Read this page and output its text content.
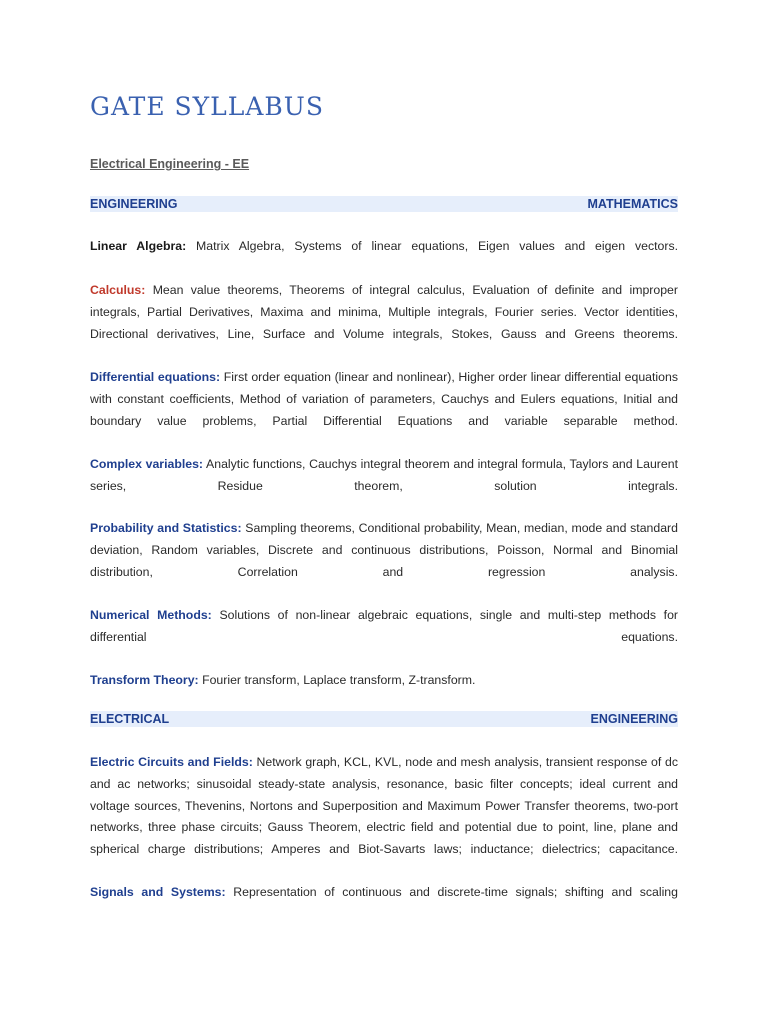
GATE SYLLABUS
Electrical Engineering - EE
ENGINEERING	MATHEMATICS
Linear Algebra: Matrix Algebra, Systems of linear equations, Eigen values and eigen vectors.
Calculus: Mean value theorems, Theorems of integral calculus, Evaluation of definite and improper integrals, Partial Derivatives, Maxima and minima, Multiple integrals, Fourier series. Vector identities, Directional derivatives, Line, Surface and Volume integrals, Stokes, Gauss and Greens theorems.
Differential equations: First order equation (linear and nonlinear), Higher order linear differential equations with constant coefficients, Method of variation of parameters, Cauchys and Eulers equations, Initial and boundary value problems, Partial Differential Equations and variable separable method.
Complex variables: Analytic functions, Cauchys integral theorem and integral formula, Taylors and Laurent series, Residue theorem, solution integrals.
Probability and Statistics: Sampling theorems, Conditional probability, Mean, median, mode and standard deviation, Random variables, Discrete and continuous distributions, Poisson, Normal and Binomial distribution, Correlation and regression analysis.
Numerical Methods: Solutions of non-linear algebraic equations, single and multi-step methods for differential equations.
Transform Theory: Fourier transform, Laplace transform, Z-transform.
ELECTRICAL	ENGINEERING
Electric Circuits and Fields: Network graph, KCL, KVL, node and mesh analysis, transient response of dc and ac networks; sinusoidal steady-state analysis, resonance, basic filter concepts; ideal current and voltage sources, Thevenins, Nortons and Superposition and Maximum Power Transfer theorems, two-port networks, three phase circuits; Gauss Theorem, electric field and potential due to point, line, plane and spherical charge distributions; Amperes and Biot-Savarts laws; inductance; dielectrics; capacitance.
Signals and Systems: Representation of continuous and discrete-time signals; shifting and scaling
